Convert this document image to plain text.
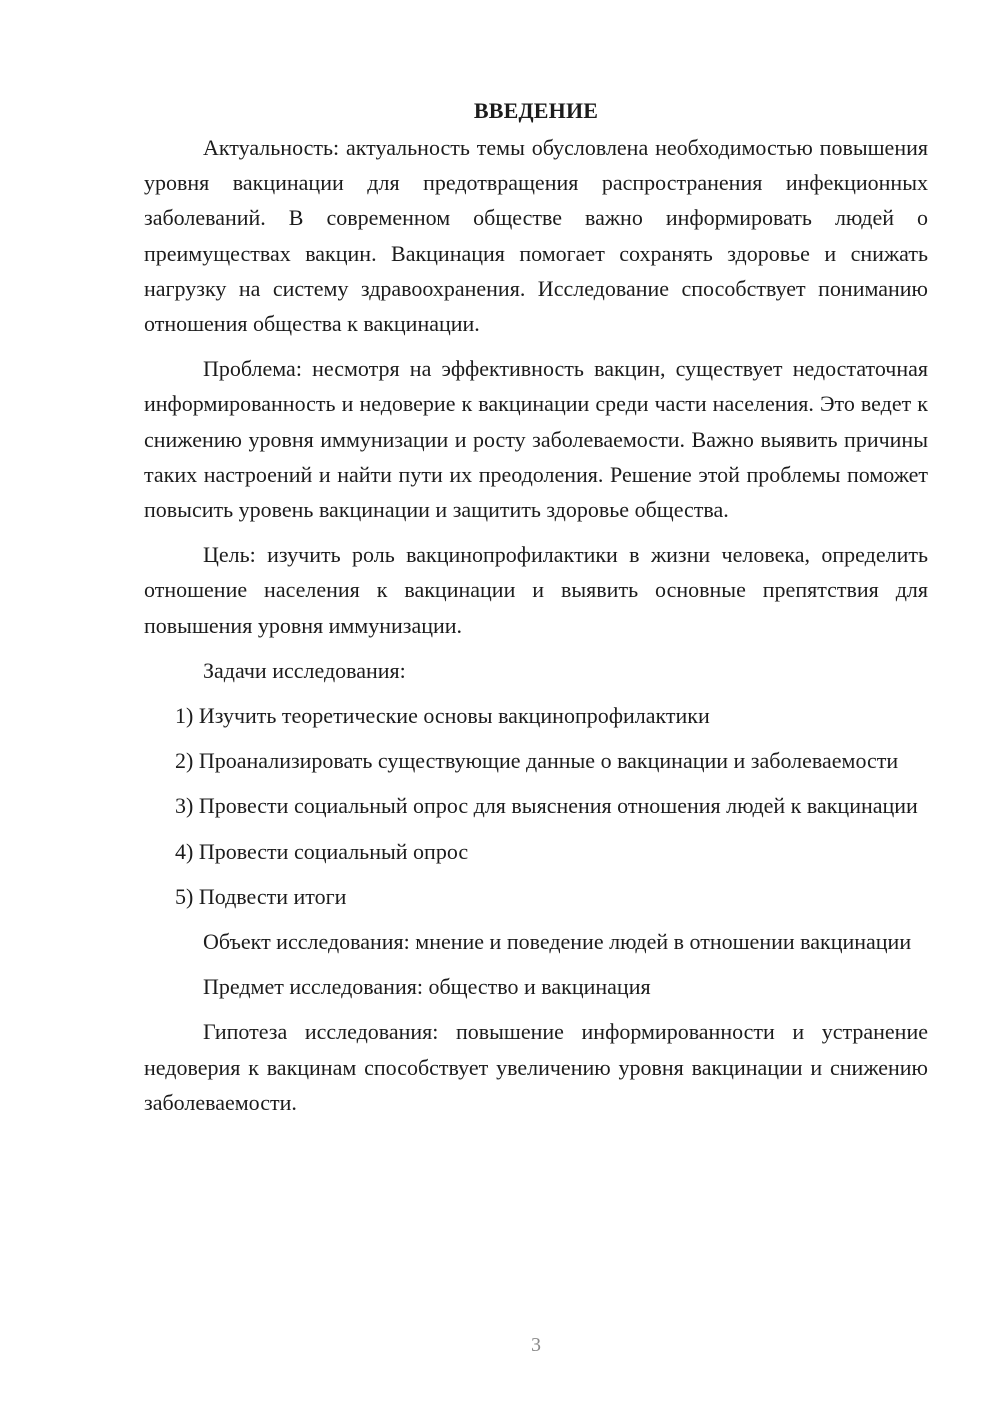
ВВЕДЕНИЕ

Актуальность: актуальность темы обусловлена необходимостью повышения уровня вакцинации для предотвращения распространения инфекционных заболеваний. В современном обществе важно информировать людей о преимуществах вакцин. Вакцинация помогает сохранять здоровье и снижать нагрузку на систему здравоохранения. Исследование способствует пониманию отношения общества к вакцинации.

Проблема: несмотря на эффективность вакцин, существует недостаточная информированность и недоверие к вакцинации среди части населения. Это ведет к снижению уровня иммунизации и росту заболеваемости. Важно выявить причины таких настроений и найти пути их преодоления. Решение этой проблемы поможет повысить уровень вакцинации и защитить здоровье общества.

Цель: изучить роль вакцинопрофилактики в жизни человека, определить отношение населения к вакцинации и выявить основные препятствия для повышения уровня иммунизации.

Задачи исследования:

1) Изучить теоретические основы вакцинопрофилактики

2) Проанализировать существующие данные о вакцинации и заболеваемости

3) Провести социальный опрос для выяснения отношения людей к вакцинации

4) Провести социальный опрос

5) Подвести итоги

Объект исследования: мнение и поведение людей в отношении вакцинации

Предмет исследования: общество и вакцинация

Гипотеза исследования: повышение информированности и устранение недоверия к вакцинам способствует увеличению уровня вакцинации и снижению заболеваемости.

3
